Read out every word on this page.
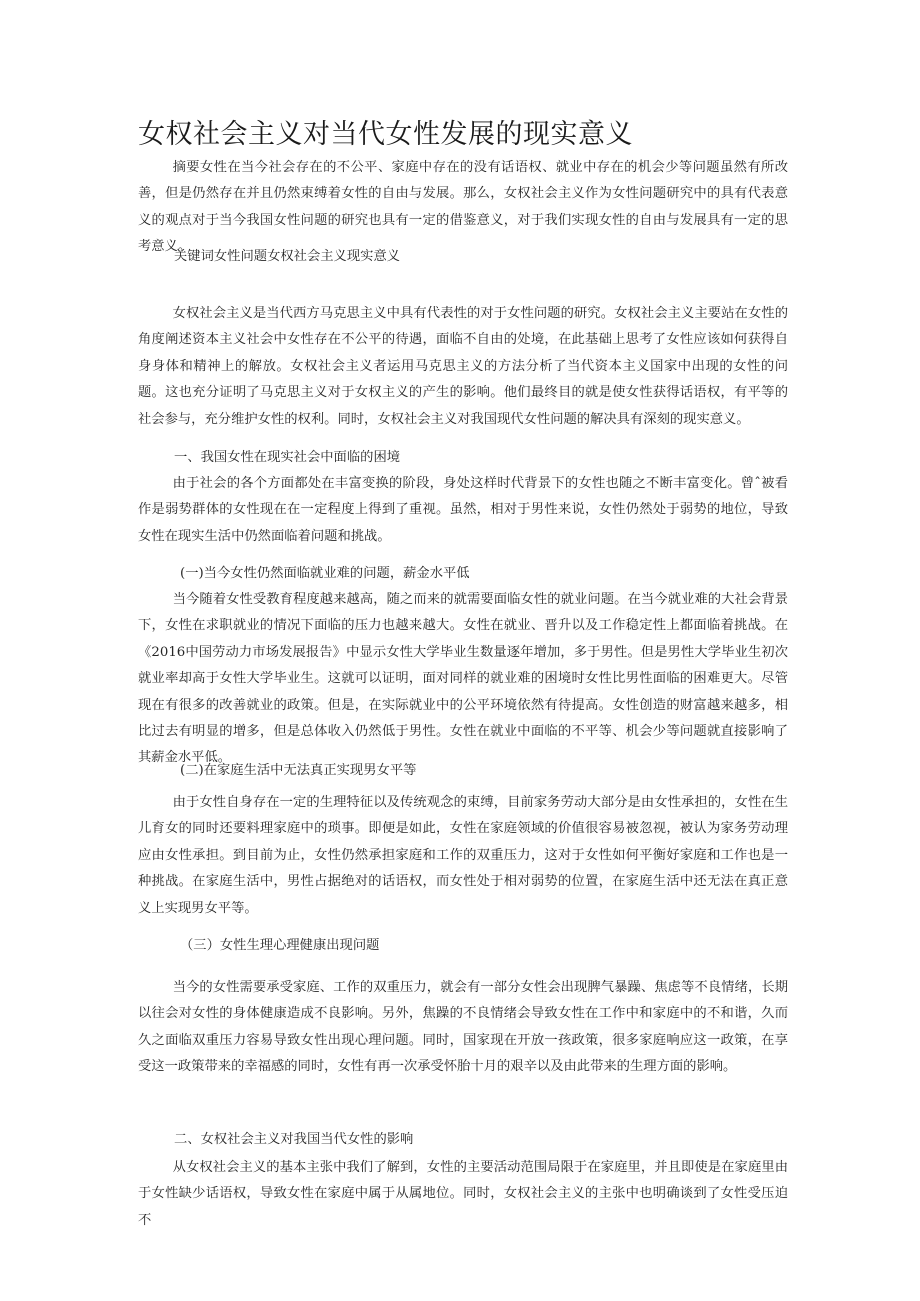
女权社会主义对当代女性发展的现实意义

摘要女性在当今社会存在的不公平、家庭中存在的没有话语权、就业中存在的机会少等问题虽然有所改善，但是仍然存在并且仍然束缚着女性的自由与发展。那么，女权社会主义作为女性问题研究中的具有代表意义的观点对于当今我国女性问题的研究也具有一定的借鉴意义，对于我们实现女性的自由与发展具有一定的思考意义。

关键词女性问题女权社会主义现实意义

女权社会主义是当代西方马克思主义中具有代表性的对于女性问题的研究。女权社会主义主要站在女性的角度阐述资本主义社会中女性存在不公平的待遇，面临不自由的处境，在此基础上思考了女性应该如何获得自身身体和精神上的解放。女权社会主义者运用马克思主义的方法分析了当代资本主义国家中出现的女性的问题。这也充分证明了马克思主义对于女权主义的产生的影响。他们最终目的就是使女性获得话语权，有平等的社会参与，充分维护女性的权利。同时，女权社会主义对我国现代女性问题的解决具有深刻的现实意义。

一、我国女性在现实社会中面临的困境

由于社会的各个方面都处在丰富变换的阶段，身处这样时代背景下的女性也随之不断丰富变化。曾ˆ被看作是弱势群体的女性现在在一定程度上得到了重视。虽然，相对于男性来说，女性仍然处于弱势的地位，导致女性在现实生活中仍然面临着问题和挑战。

(一)当今女性仍然面临就业难的问题，薪金水平低

当今随着女性受教育程度越来越高，随之而来的就需要面临女性的就业问题。在当今就业难的大社会背景下，女性在求职就业的情况下面临的压力也越来越大。女性在就业、晋升以及工作稳定性上都面临着挑战。在《2016中国劳动力市场发展报告》中显示女性大学毕业生数量逐年增加，多于男性。但是男性大学毕业生初次就业率却高于女性大学毕业生。这就可以证明，面对同样的就业难的困境时女性比男性面临的困难更大。尽管现在有很多的改善就业的政策。但是，在实际就业中的公平环境依然有待提高。女性创造的财富越来越多，相比过去有明显的增多，但是总体收入仍然低于男性。女性在就业中面临的不平等、机会少等问题就直接影响了其薪金水平低。

(二)在家庭生活中无法真正实现男女平等

由于女性自身存在一定的生理特征以及传统观念的束缚，目前家务劳动大部分是由女性承担的，女性在生儿育女的同时还要料理家庭中的琐事。即便是如此，女性在家庭领域的价值很容易被忽视，被认为家务劳动理应由女性承担。到目前为止，女性仍然承担家庭和工作的双重压力，这对于女性如何平衡好家庭和工作也是一种挑战。在家庭生活中，男性占据绝对的话语权，而女性处于相对弱势的位置，在家庭生活中还无法在真正意义上实现男女平等。

（三）女性生理心理健康出现问题

当今的女性需要承受家庭、工作的双重压力，就会有一部分女性会出现脾气暴躁、焦虑等不良情绪，长期以往会对女性的身体健康造成不良影响。另外，焦躁的不良情绪会导致女性在工作中和家庭中的不和谐，久而久之面临双重压力容易导致女性出现心理问题。同时，国家现在开放一孩政策，很多家庭响应这一政策，在享受这一政策带来的幸福感的同时，女性有再一次承受怀胎十月的艰辛以及由此带来的生理方面的影响。

二、女权社会主义对我国当代女性的影响

从女权社会主义的基本主张中我们了解到，女性的主要活动范围局限于在家庭里，并且即使是在家庭里由于女性缺少话语权，导致女性在家庭中属于从属地位。同时，女权社会主义的主张中也明确谈到了女性受压迫不
